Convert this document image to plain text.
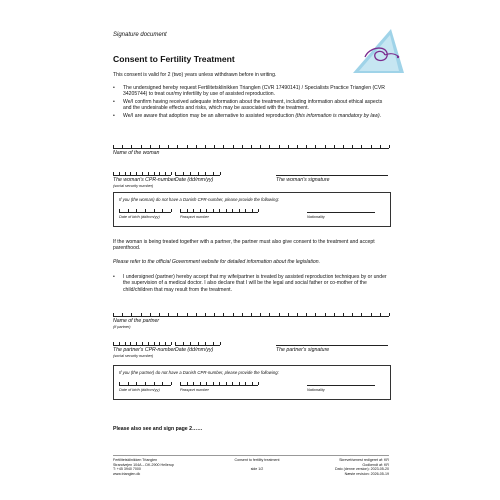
Signature document
Consent to Fertility Treatment
This consent is valid for 2 (two) years unless withdrawn before in writing.
• The undersigned hereby request Fertilitetsklinikken Trianglen (CVR 17490141) / Specialists Practice Trianglen (CVR 34205744) to treat our/my infertility by use of assisted reproduction.
• We/I confirm having received adequate information about the treatment, including information about ethical aspects and the undesirable effects and risks, which may be associated with the treatment.
• We/I are aware that adoption may be an alternative to assisted reproduction (this information is mandatory by law).
Name of the woman
The woman's CPR-number Date (dd/mm/yy)	The woman's signature
(social security number)
If you (the woman) do not have a Danish CPR-number, please provide the following:
Date of birth (dd/mm/yy)	Passport number	Nationality
If the woman is being treated together with a partner, the partner must also give consent to the treatment and accept parenthood.
Please refer to the official Government website for detailed information about the legislation.
• I undersigned (partner) hereby accept that my wife/partner is treated by assisted reproduction techniques by or under the supervision of a medical doctor. I also declare that I will be the legal and social father or co-mother of the child/children that may result from the treatment.
Name of the partner
(if partner)
The partner's CPR-number Date (dd/mm/yy)	The partner's signature
(social security number)
If you (the partner) do not have a Danish CPR-number, please provide the following:
Date of birth (dd/mm/yy)	Passport number	Nationality
Please also see and sign page 2……
Fertilitetsklinikken Trianglen
Strandvejen 104A – DK-2900 Hellerup
T: +45 3940 7000
www.trianglen.dk
Consent to fertility treatment

side 1/2
Skrevet/senest redigeret af: KR
Godkendt af: KR
Dato (denne version): 2023-05-20
Næste revision: 2026-05-19
